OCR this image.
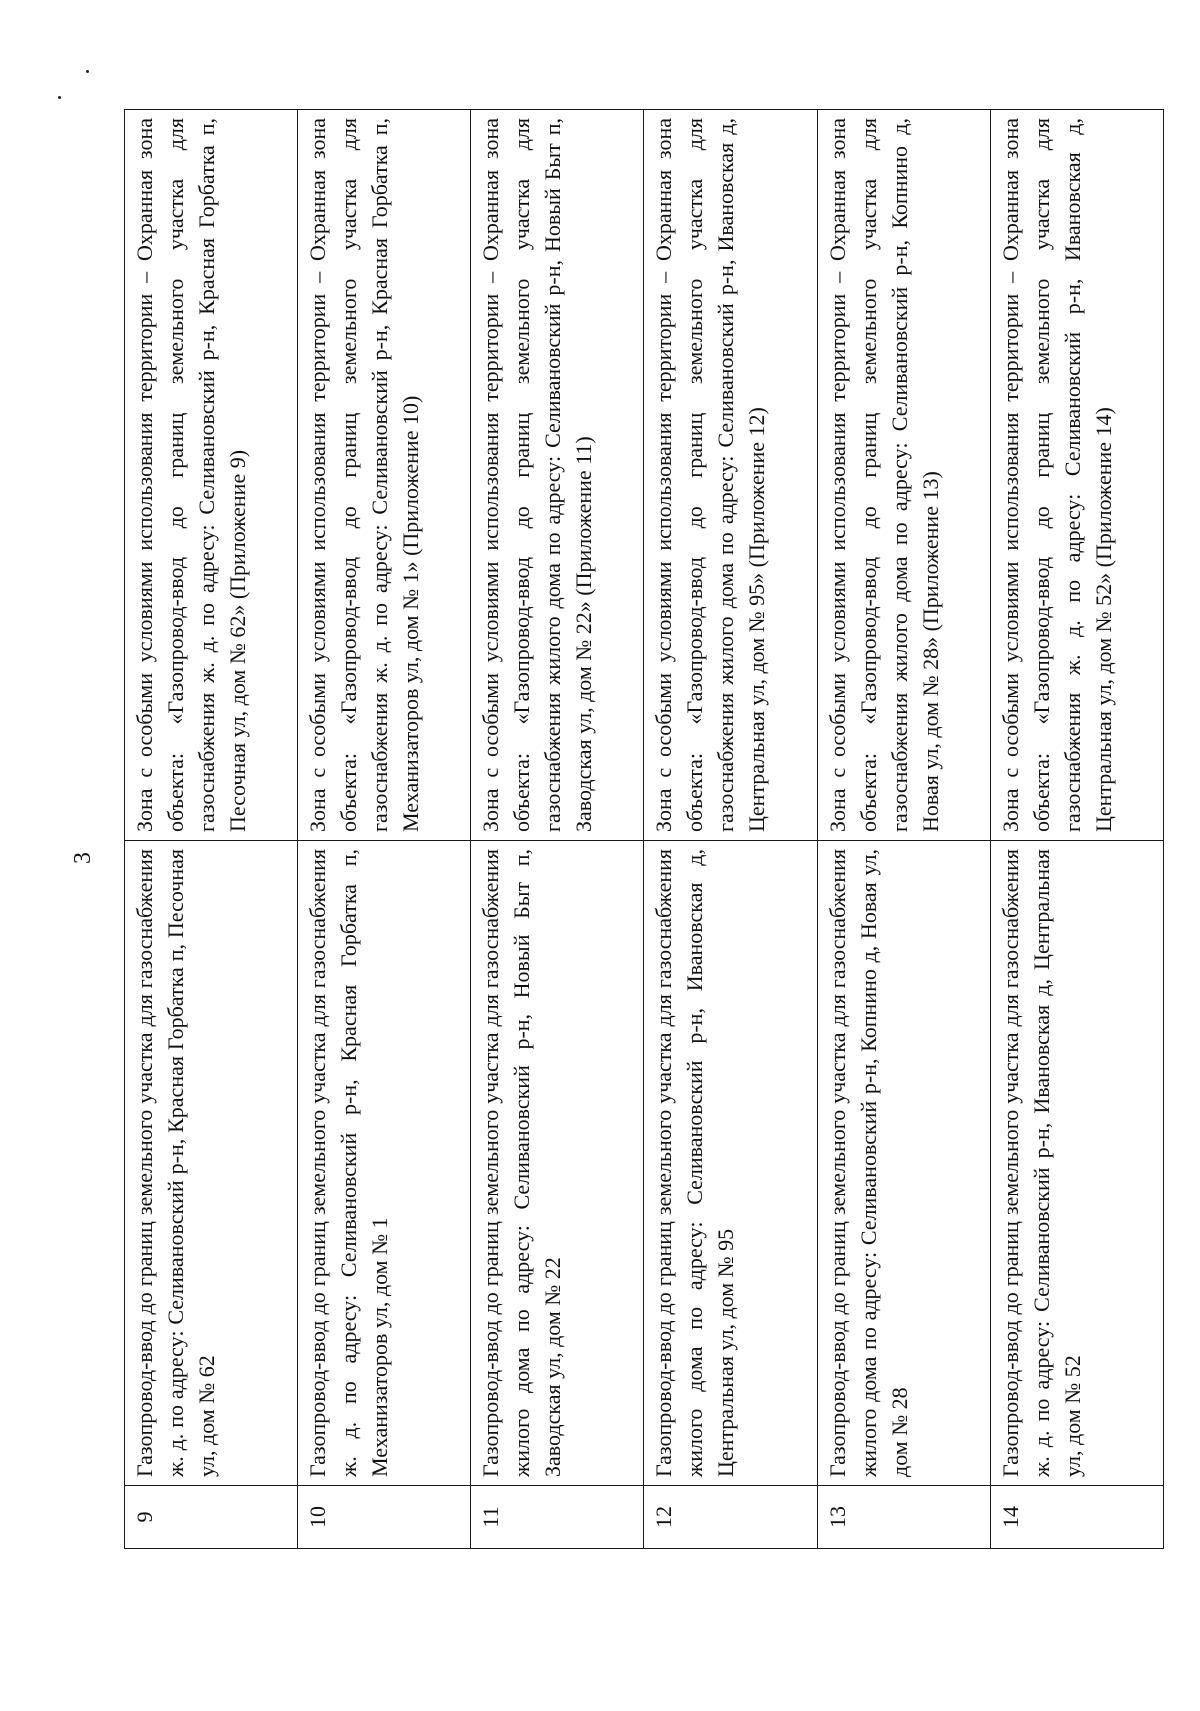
3
9	Газопровод-ввод до границ земельного участка для газоснабжения ж. д. по адресу: Селивановский р-н, Красная Горбатка п, Песочная ул, дом № 62	Зона с особыми условиями использования территории – Охранная зона объекта: «Газопровод-ввод до границ земельного участка для газоснабжения ж. д. по адресу: Селивановский р-н, Красная Горбатка п, Песочная ул, дом № 62» (Приложение 9)
10	Газопровод-ввод до границ земельного участка для газоснабжения ж. д. по адресу: Селивановский р-н, Красная Горбатка п, Механизаторов ул, дом № 1	Зона с особыми условиями использования территории – Охранная зона объекта: «Газопровод-ввод до границ земельного участка для газоснабжения ж. д. по адресу: Селивановский р-н, Красная Горбатка п, Механизаторов ул, дом № 1» (Приложение 10)
11	Газопровод-ввод до границ земельного участка для газоснабжения жилого дома по адресу: Селивановский р-н, Новый Быт п, Заводская ул, дом № 22	Зона с особыми условиями использования территории – Охранная зона объекта: «Газопровод-ввод до границ земельного участка для газоснабжения жилого дома по адресу: Селивановский р-н, Новый Быт п, Заводская ул, дом № 22» (Приложение 11)
12	Газопровод-ввод до границ земельного участка для газоснабжения жилого дома по адресу: Селивановский р-н, Ивановская д, Центральная ул, дом № 95	Зона с особыми условиями использования территории – Охранная зона объекта: «Газопровод-ввод до границ земельного участка для газоснабжения жилого дома по адресу: Селивановский р-н, Ивановская д, Центральная ул, дом № 95» (Приложение 12)
13	Газопровод-ввод до границ земельного участка для газоснабжения жилого дома по адресу: Селивановский р-н, Копнино д, Новая ул, дом № 28	Зона с особыми условиями использования территории – Охранная зона объекта: «Газопровод-ввод до границ земельного участка для газоснабжения жилого дома по адресу: Селивановский р-н, Копнино д, Новая ул, дом № 28» (Приложение 13)
14	Газопровод-ввод до границ земельного участка для газоснабжения ж. д. по адресу: Селивановский р-н, Ивановская д, Центральная ул, дом № 52	Зона с особыми условиями использования территории – Охранная зона объекта: «Газопровод-ввод до границ земельного участка для газоснабжения ж. д. по адресу: Селивановский р-н, Ивановская д, Центральная ул, дом № 52» (Приложение 14)
